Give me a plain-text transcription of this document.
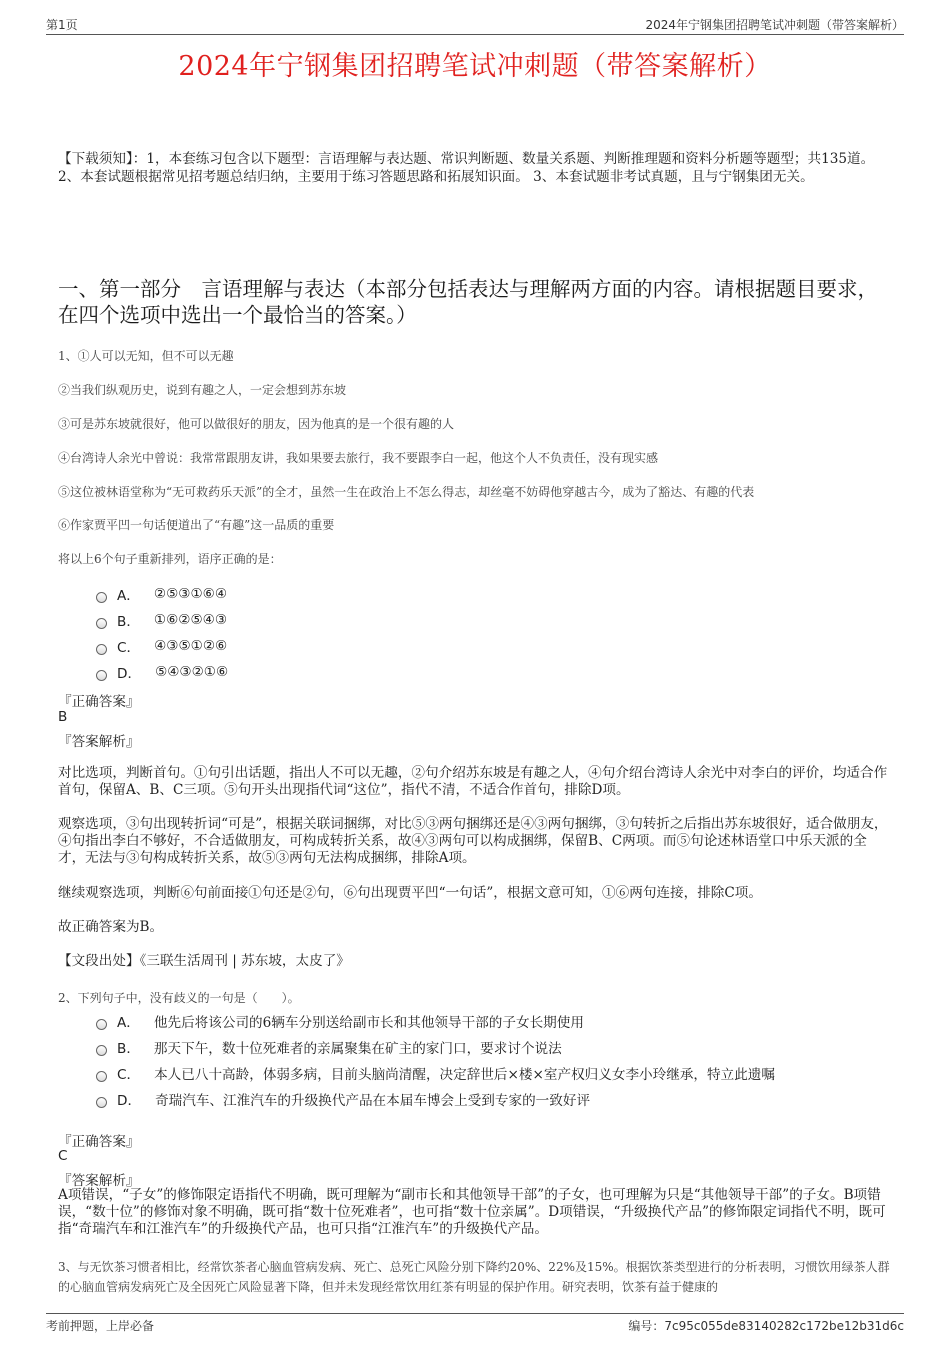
第1页	2024年宁钢集团招聘笔试冲刺题（带答案解析）
2024年宁钢集团招聘笔试冲刺题（带答案解析）
【下载须知】：1，本套练习包含以下题型：言语理解与表达题、常识判断题、数量关系题、判断推理题和资料分析题等题型；共135道。 2、本套试题根据常见招考题总结归纳，主要用于练习答题思路和拓展知识面。 3、本套试题非考试真题，且与宁钢集团无关。
一、第一部分　言语理解与表达（本部分包括表达与理解两方面的内容。请根据题目要求，在四个选项中选出一个最恰当的答案。）
1、①人可以无知，但不可以无趣
②当我们纵观历史，说到有趣之人，一定会想到苏东坡
③可是苏东坡就很好，他可以做很好的朋友，因为他真的是一个很有趣的人
④台湾诗人余光中曾说：我常常跟朋友讲，我如果要去旅行，我不要跟李白一起，他这个人不负责任，没有现实感
⑤这位被林语堂称为“无可救药乐天派”的全才，虽然一生在政治上不怎么得志，却丝毫不妨碍他穿越古今，成为了豁达、有趣的代表
⑥作家贾平凹一句话便道出了“有趣”这一品质的重要
将以上6个句子重新排列，语序正确的是：
A． ②⑤③①⑥④
B． ①⑥②⑤④③
C． ④③⑤①②⑥
D． ⑤④③②①⑥
『正确答案』
B
『答案解析』
对比选项，判断首句。①句引出话题，指出人不可以无趣，②句介绍苏东坡是有趣之人，④句介绍台湾诗人余光中对李白的评价，均适合作首句，保留A、B、C三项。⑤句开头出现指代词“这位”，指代不清，不适合作首句，排除D项。
观察选项，③句出现转折词“可是”，根据关联词捆绑，对比⑤③两句捆绑还是④③两句捆绑，③句转折之后指出苏东坡很好，适合做朋友，④句指出李白不够好，不合适做朋友，可构成转折关系，故④③两句可以构成捆绑，保留B、C两项。而⑤句论述林语堂口中乐天派的全才，无法与③句构成转折关系，故⑤③两句无法构成捆绑，排除A项。
继续观察选项，判断⑥句前面接①句还是②句，⑥句出现贾平凹“一句话”，根据文意可知，①⑥两句连接，排除C项。
故正确答案为B。
【文段出处】《三联生活周刊 | 苏东坡，太皮了》
2、下列句子中，没有歧义的一句是（　　）。
A． 他先后将该公司的6辆车分别送给副市长和其他领导干部的子女长期使用
B． 那天下午，数十位死难者的亲属聚集在矿主的家门口，要求讨个说法
C． 本人已八十高龄，体弱多病，目前头脑尚清醒，决定辞世后×楼×室产权归义女李小玲继承，特立此遗嘱
D． 奇瑞汽车、江淮汽车的升级换代产品在本届车博会上受到专家的一致好评
『正确答案』
C
『答案解析』
A项错误，“子女”的修饰限定语指代不明确，既可理解为“副市长和其他领导干部”的子女，也可理解为只是“其他领导干部”的子女。B项错误，“数十位”的修饰对象不明确，既可指“数十位死难者”，也可指“数十位亲属”。D项错误，“升级换代产品”的修饰限定词指代不明，既可指“奇瑞汽车和江淮汽车”的升级换代产品，也可只指“江淮汽车”的升级换代产品。
3、与无饮茶习惯者相比，经常饮茶者心脑血管病发病、死亡、总死亡风险分别下降约20%、22%及15%。根据饮茶类型进行的分析表明，习惯饮用绿茶人群的心脑血管病发病死亡及全因死亡风险显著下降，但并未发现经常饮用红茶有明显的保护作用。研究表明，饮茶有益于健康的
考前押题，上岸必备	编号：7c95c055de83140282c172be12b31d6c
